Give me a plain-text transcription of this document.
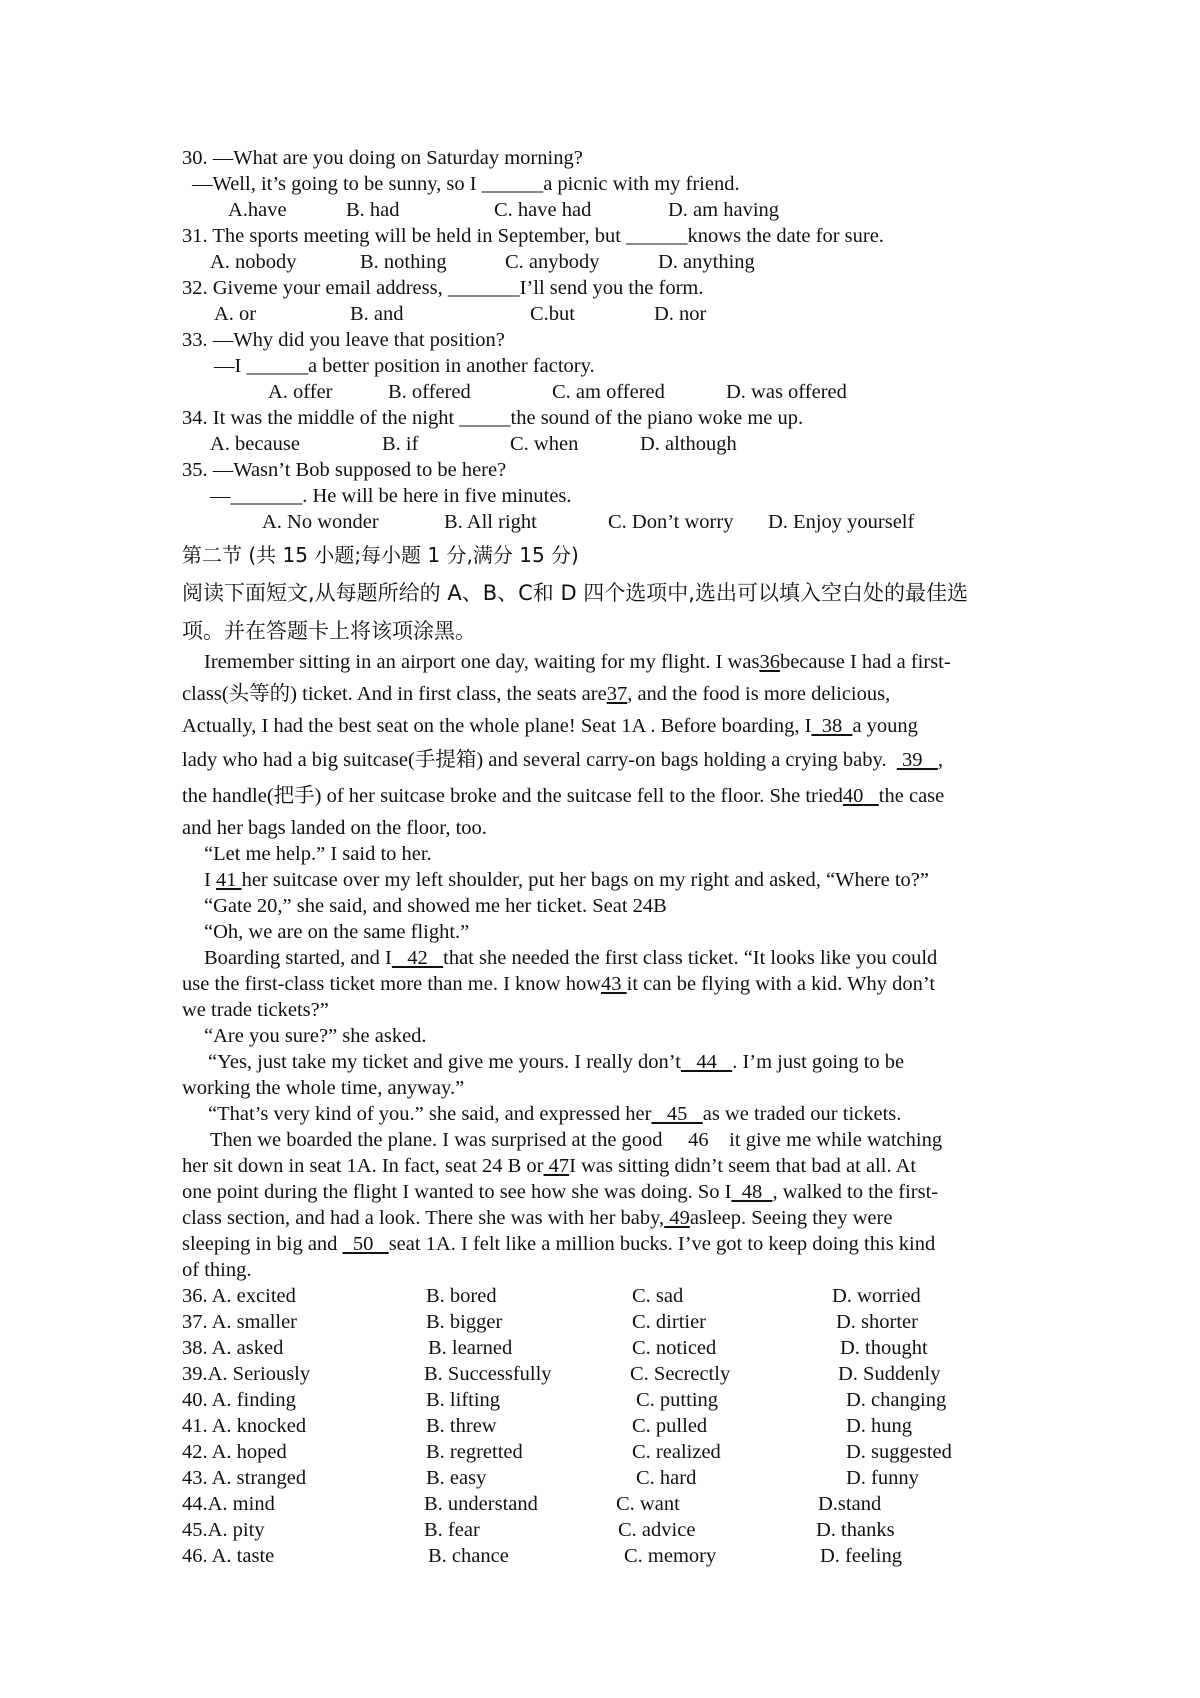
30. —What are you doing on Saturday morning?
—Well, it’s going to be sunny, so I ______a picnic with my friend.
A.have	B. had	C. have had	D. am having
31. The sports meeting will be held in September, but ______knows the date for sure.
A. nobody	B. nothing	C. anybody	D. anything
32. Giveme your email address, _______I’ll send you the form.
A. or	B. and	C.but	D. nor
33. —Why did you leave that position?
—I ______a better position in another factory.
A. offer	B. offered	C. am offered	D. was offered
34. It was the middle of the night _____the sound of the piano woke me up.
A. because	B. if	C. when	D. although
35. —Wasn’t Bob supposed to be here?
—_______. He will be here in five minutes.
A. No wonder	B. All right	C. Don’t worry D. Enjoy yourself
第二节 (共 15 小题;每小题 1 分,满分 15 分)
阅读下面短文,从每题所给的 A、B、C和 D 四个选项中,选出可以填入空白处的最佳选
项。并在答题卡上将该项涂黑。
Iremember sitting in an airport one day, waiting for my flight. I was36because I had a first-
class(头等的) ticket. And in first class, the seats are37, and the food is more delicious,
Actually, I had the best seat on the whole plane! Seat 1A . Before boarding, I  38  a young
lady who had a big suitcase(手提箱) and several carry-on bags holding a crying baby.   39   ,
the handle(把手) of her suitcase broke and the suitcase fell to the floor. She tried40   the case
and her bags landed on the floor, too.
“Let me help.” I said to her.
I 41 her suitcase over my left shoulder, put her bags on my right and asked, “Where to?”
“Gate 20,” she said, and showed me her ticket. Seat 24B
“Oh, we are on the same flight.”
Boarding started, and I   42   that she needed the first class ticket. “It looks like you could
use the first-class ticket more than me. I know how43 it can be flying with a kid. Why don’t
we trade tickets?”
“Are you sure?” she asked.
“Yes, just take my ticket and give me yours. I really don’t   44   . I’m just going to be
working the whole time, anyway.”
“That’s very kind of you.” she said, and expressed her   45   as we traded our tickets.
Then we boarded the plane. I was surprised at the good     46    it give me while watching
her sit down in seat 1A. In fact, seat 24 B or 47I was sitting didn’t seem that bad at all. At
one point during the flight I wanted to see how she was doing. So I  48  , walked to the first-
class section, and had a look. There she was with her baby, 49asleep. Seeing they were
sleeping in big and   50   seat 1A. I felt like a million bucks. I’ve got to keep doing this kind
of thing.
36. A. excited	B. bored	C. sad	D. worried
37. A. smaller	B. bigger	C. dirtier	D. shorter
38. A. asked	B. learned	C. noticed	D. thought
39.A. Seriously	B. Successfully	C. Secrectly	D. Suddenly
40. A. finding	B. lifting	C. putting	D. changing
41. A. knocked	B. threw	C. pulled	D. hung
42. A. hoped	B. regretted	C. realized	D. suggested
43. A. stranged	B. easy	C. hard	D. funny
44.A. mind	B. understand	C. want	D.stand
45.A. pity	B. fear	C. advice	D. thanks
46. A. taste	B. chance	C. memory	D. feeling
